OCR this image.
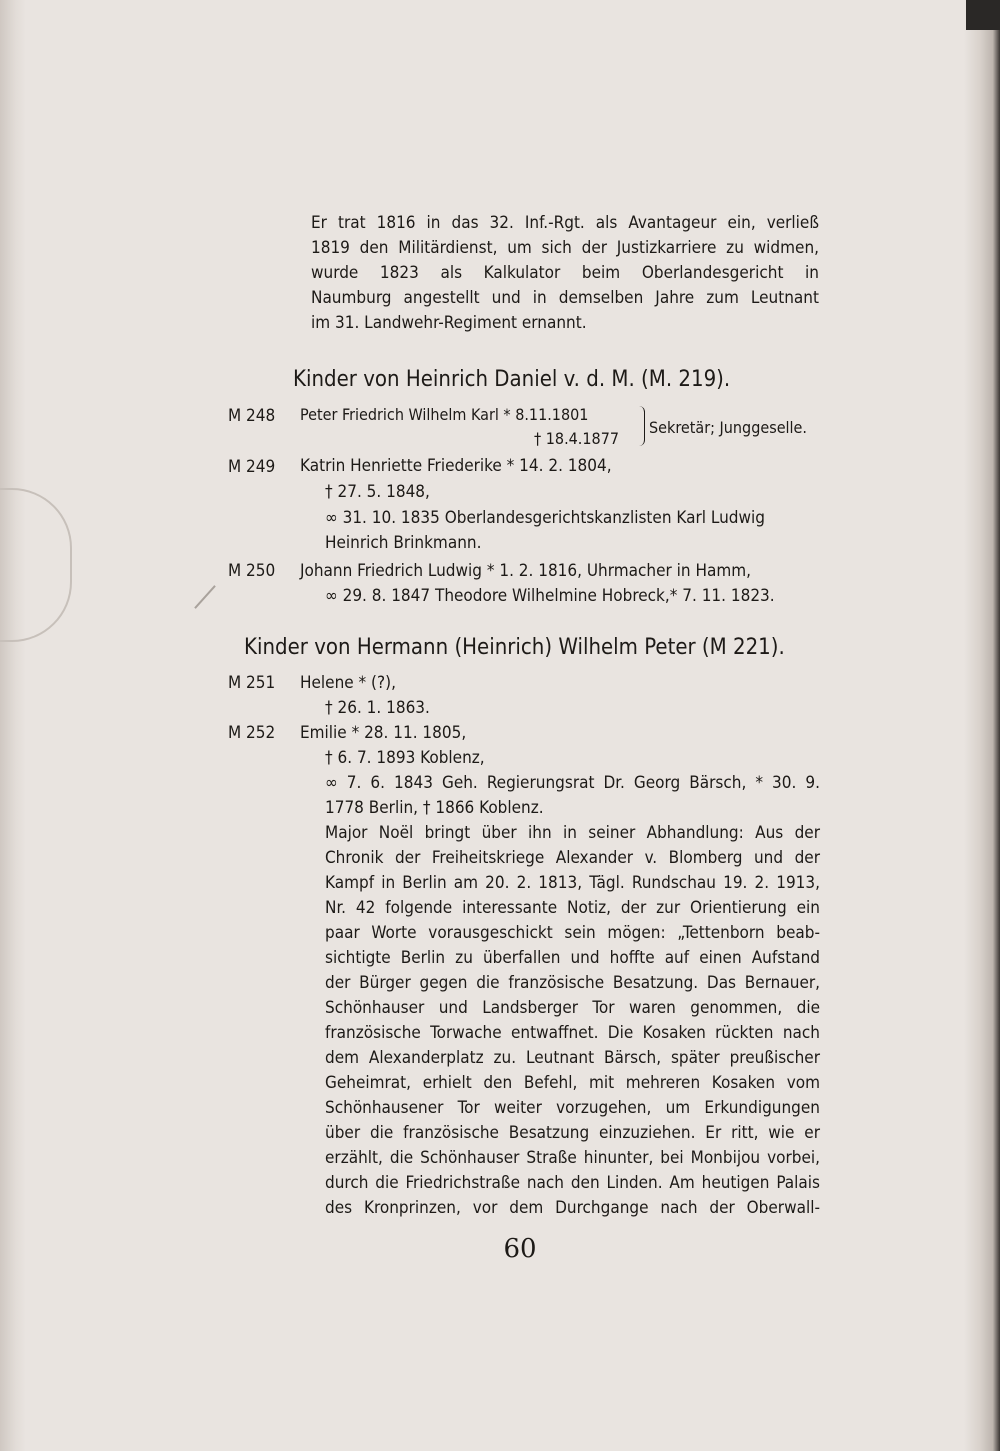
Er trat 1816 in das 32. Inf.-Rgt. als Avantageur ein, verließ
1819 den Militärdienst, um sich der Justizkarriere zu widmen,
wurde 1823 als Kalkulator beim Oberlandesgericht in
Naumburg angestellt und in demselben Jahre zum Leutnant
im 31. Landwehr-Regiment ernannt.
Kinder von Heinrich Daniel v. d. M. (M. 219).
M 248 Peter Friedrich Wilhelm Karl * 8.11.1801
† 18.4.1877
Sekretär; Junggeselle.
M 249 Katrin Henriette Friederike * 14. 2. 1804,
† 27. 5. 1848,
∞ 31. 10. 1835 Oberlandesgerichtskanzlisten Karl Ludwig
Heinrich Brinkmann.
M 250 Johann Friedrich Ludwig * 1. 2. 1816, Uhrmacher in Hamm,
∞ 29. 8. 1847 Theodore Wilhelmine Hobreck,* 7. 11. 1823.
Kinder von Hermann (Heinrich) Wilhelm Peter (M 221).
M 251 Helene * (?),
† 26. 1. 1863.
M 252 Emilie * 28. 11. 1805,
† 6. 7. 1893 Koblenz,
∞ 7. 6. 1843 Geh. Regierungsrat Dr. Georg Bärsch, * 30. 9.
1778 Berlin, † 1866 Koblenz.
Major Noël bringt über ihn in seiner Abhandlung: Aus der
Chronik der Freiheitskriege Alexander v. Blomberg und der
Kampf in Berlin am 20. 2. 1813, Tägl. Rundschau 19. 2. 1913,
Nr. 42 folgende interessante Notiz, der zur Orientierung ein
paar Worte vorausgeschickt sein mögen: „Tettenborn beab-
sichtigte Berlin zu überfallen und hoffte auf einen Aufstand
der Bürger gegen die französische Besatzung. Das Bernauer,
Schönhauser und Landsberger Tor waren genommen, die
französische Torwache entwaffnet. Die Kosaken rückten nach
dem Alexanderplatz zu. Leutnant Bärsch, später preußischer
Geheimrat, erhielt den Befehl, mit mehreren Kosaken vom
Schönhausener Tor weiter vorzugehen, um Erkundigungen
über die französische Besatzung einzuziehen. Er ritt, wie er
erzählt, die Schönhauser Straße hinunter, bei Monbijou vorbei,
durch die Friedrichstraße nach den Linden. Am heutigen Palais
des Kronprinzen, vor dem Durchgange nach der Oberwall-
60
